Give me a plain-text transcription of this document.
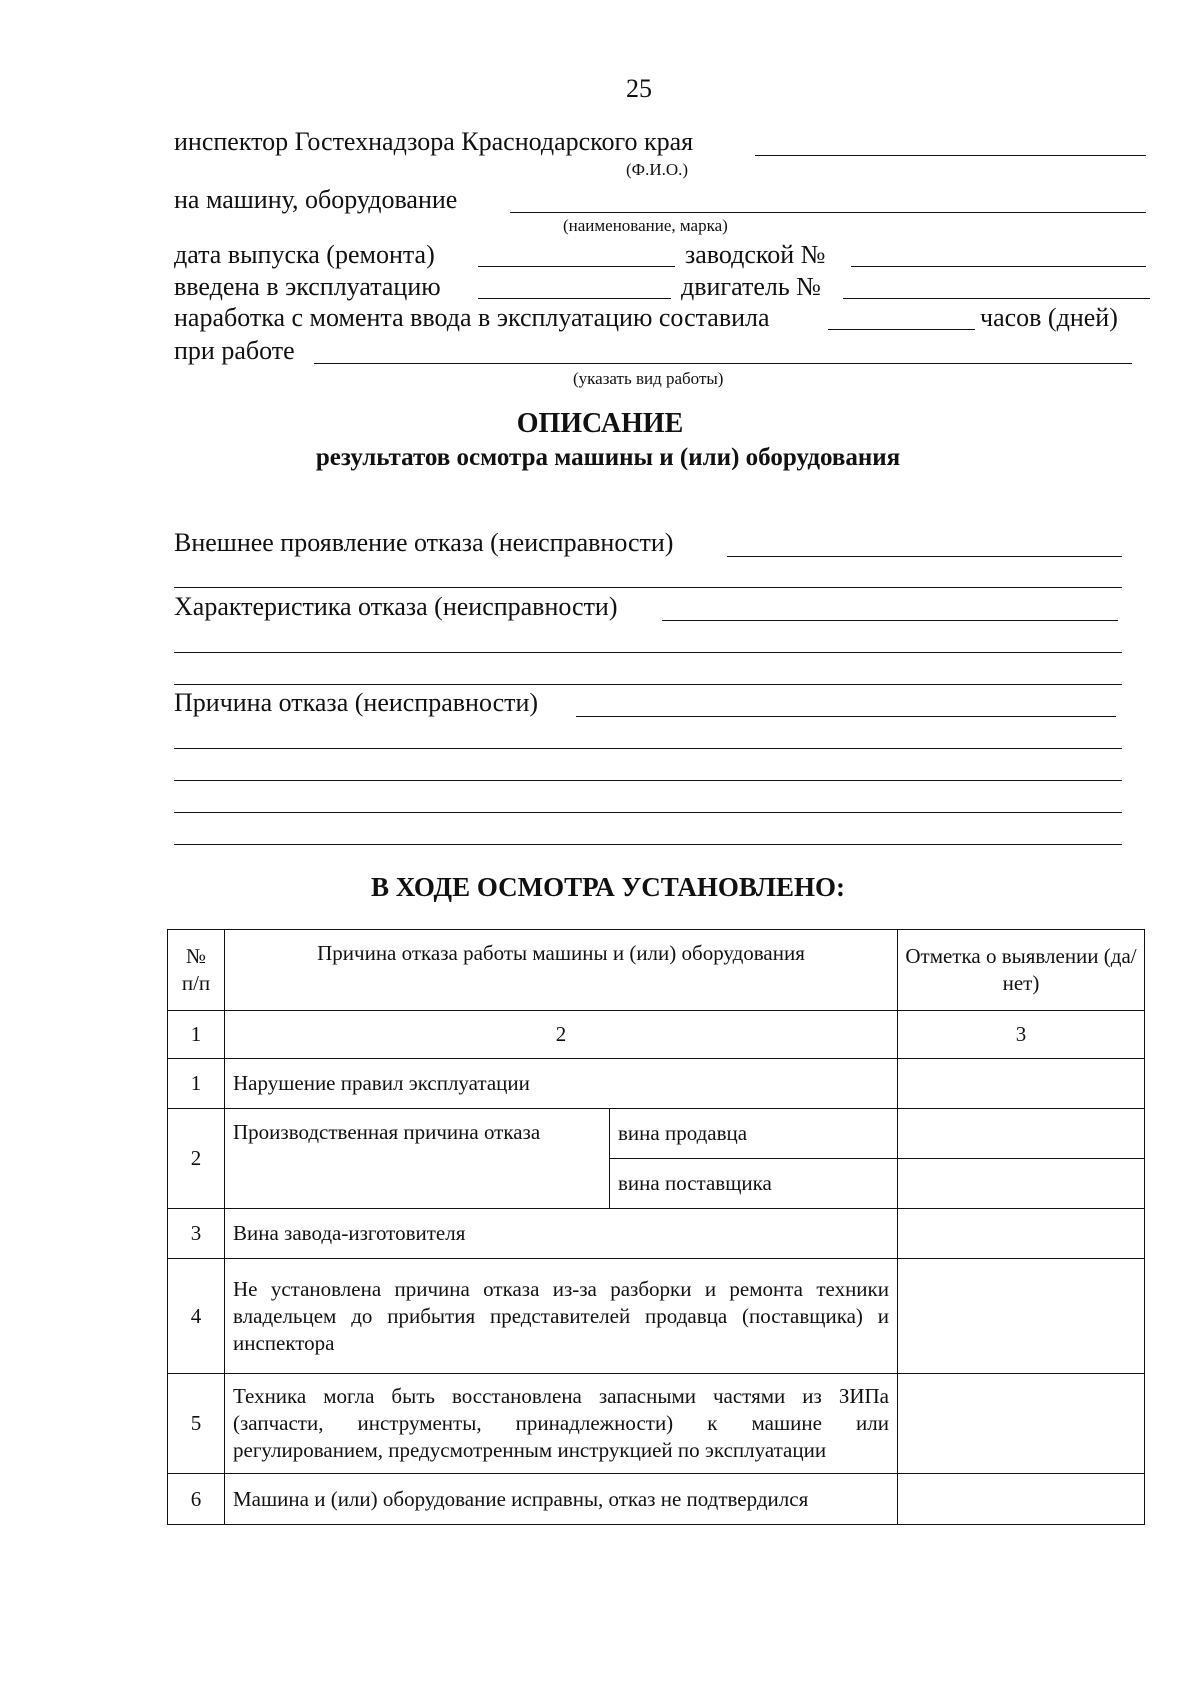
25
инспектор Гостехнадзора Краснодарского края
(Ф.И.О.)
на машину, оборудование
(наименование, марка)
дата выпуска (ремонта)	заводской №
введена в эксплуатацию	двигатель №
наработка с момента ввода в эксплуатацию составила	часов (дней)
при работе
(указать вид работы)
ОПИСАНИЕ
результатов осмотра машины и (или) оборудования
Внешнее проявление отказа (неисправности)
Характеристика отказа (неисправности)
Причина отказа (неисправности)
В ХОДЕ ОСМОТРА УСТАНОВЛЕНО:
№ п/п	Причина отказа работы машины и (или) оборудования		Отметка о выявлении (да/нет)
1	2		3
1	Нарушение правил эксплуатации		
2	Производственная причина отказа	вина продавца	
		вина поставщика	
3	Вина завода-изготовителя		
4	Не установлена причина отказа из-за разборки и ремонта техники владельцем до прибытия представителей продавца (поставщика) и инспектора		
5	Техника могла быть восстановлена запасными частями из ЗИПа (запчасти, инструменты, принадлежности) к машине или регулированием, предусмотренным инструкцией по эксплуатации		
6	Машина и (или) оборудование исправны, отказ не подтвердился		
